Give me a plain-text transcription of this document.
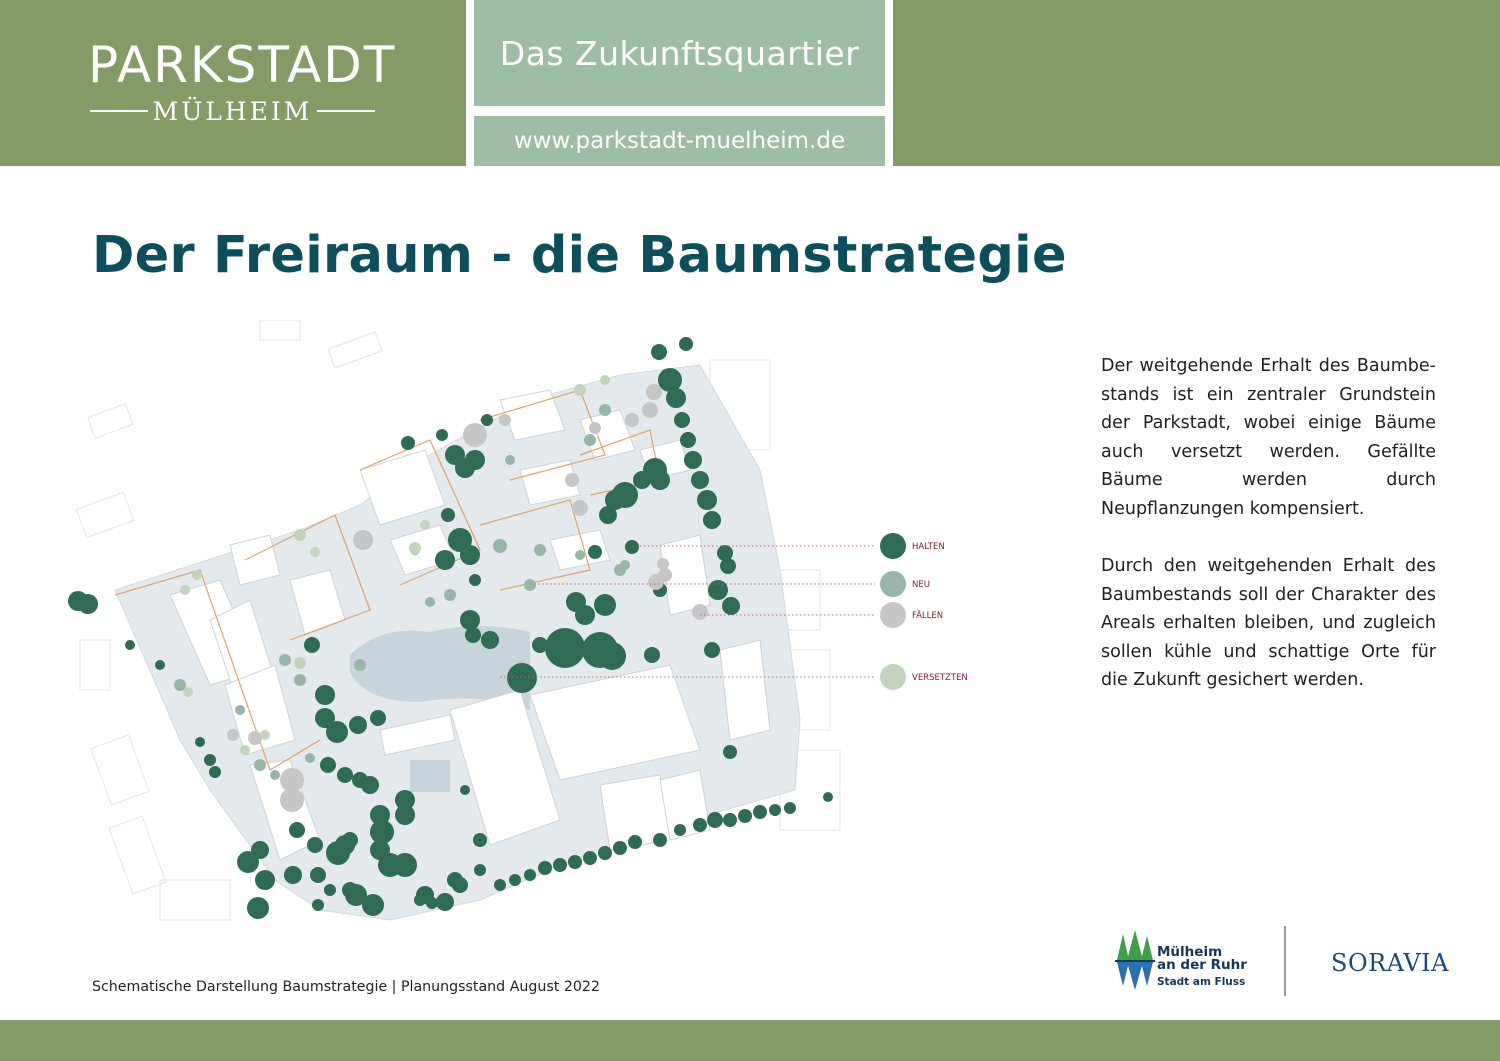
Das Zukunftsquartier
www.parkstadt-muelheim.de
PARKSTADT
MÜLHEIM
Der Freiraum - die Baumstrategie
HALTEN
NEU
FÄLLEN
VERSETZTEN

Der weitgehende Erhalt des Baumbestands ist ein zentraler Grundstein der Parkstadt, wobei einige Bäume auch versetzt werden. Gefällte Bäume werden durch Neupflanzungen kompensiert.

Durch den weitgehenden Erhalt des Baumbestands soll der Charakter des Areals erhalten bleiben, und zugleich sollen kühle und schattige Orte für die Zukunft gesichert werden.

Schematische Darstellung Baumstrategie | Planungsstand August 2022
Mülheim
an der Ruhr
Stadt am Fluss
SORAVIA
